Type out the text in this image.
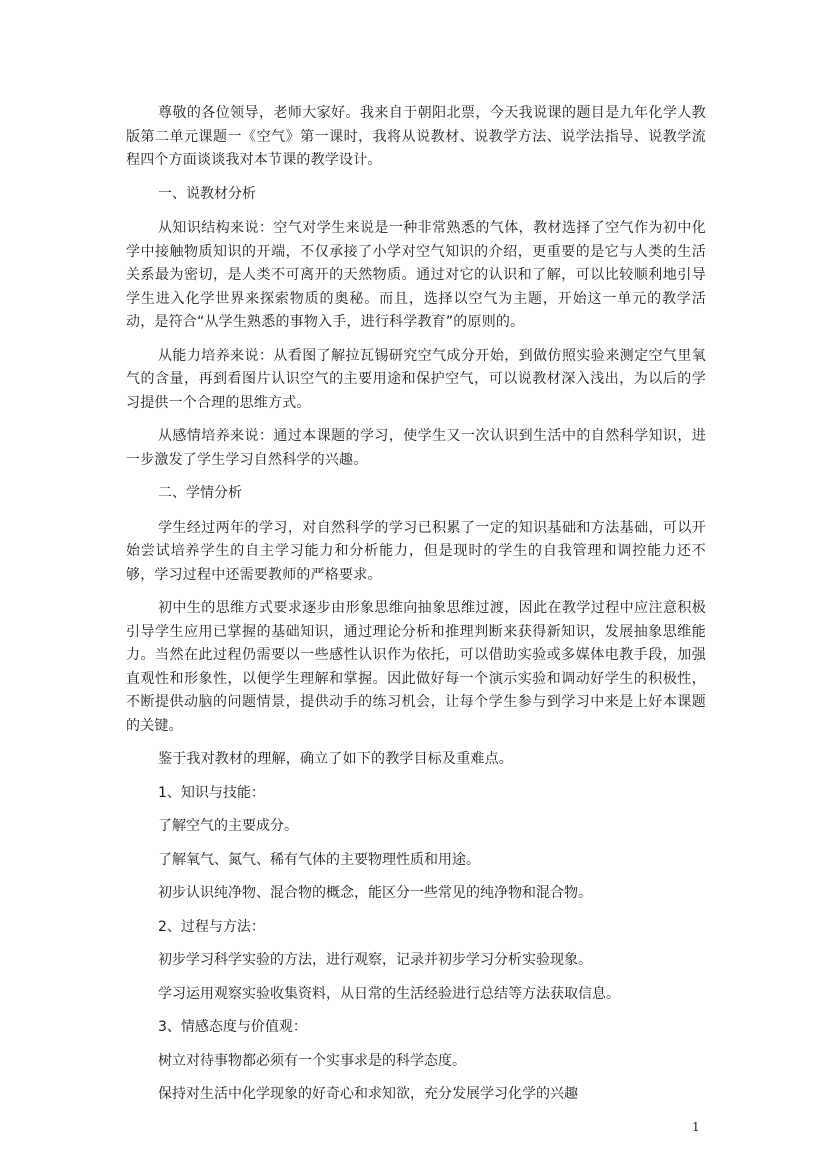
尊敬的各位领导，老师大家好。我来自于朝阳北票，今天我说课的题目是九年化学人教版第二单元课题一《空气》第一课时，我将从说教材、说教学方法、说学法指导、说教学流程四个方面谈谈我对本节课的教学设计。

一、说教材分析

从知识结构来说：空气对学生来说是一种非常熟悉的气体，教材选择了空气作为初中化学中接触物质知识的开端，不仅承接了小学对空气知识的介绍，更重要的是它与人类的生活关系最为密切，是人类不可离开的天然物质。通过对它的认识和了解，可以比较顺利地引导学生进入化学世界来探索物质的奥秘。而且，选择以空气为主题，开始这一单元的教学活动，是符合“从学生熟悉的事物入手，进行科学教育”的原则的。

从能力培养来说：从看图了解拉瓦锡研究空气成分开始，到做仿照实验来测定空气里氧气的含量，再到看图片认识空气的主要用途和保护空气，可以说教材深入浅出，为以后的学习提供一个合理的思维方式。

从感情培养来说：通过本课题的学习，使学生又一次认识到生活中的自然科学知识，进一步激发了学生学习自然科学的兴趣。

二、学情分析

学生经过两年的学习，对自然科学的学习已积累了一定的知识基础和方法基础，可以开始尝试培养学生的自主学习能力和分析能力，但是现时的学生的自我管理和调控能力还不够，学习过程中还需要教师的严格要求。

初中生的思维方式要求逐步由形象思维向抽象思维过渡，因此在教学过程中应注意积极引导学生应用已掌握的基础知识，通过理论分析和推理判断来获得新知识，发展抽象思维能力。当然在此过程仍需要以一些感性认识作为依托，可以借助实验或多媒体电教手段，加强直观性和形象性，以便学生理解和掌握。因此做好每一个演示实验和调动好学生的积极性，不断提供动脑的问题情景，提供动手的练习机会，让每个学生参与到学习中来是上好本课题的关键。

鉴于我对教材的理解，确立了如下的教学目标及重难点。

1、知识与技能：

了解空气的主要成分。

了解氧气、氮气、稀有气体的主要物理性质和用途。

初步认识纯净物、混合物的概念，能区分一些常见的纯净物和混合物。

2、过程与方法：

初步学习科学实验的方法，进行观察，记录并初步学习分析实验现象。

学习运用观察实验收集资料，从日常的生活经验进行总结等方法获取信息。

3、情感态度与价值观：

树立对待事物都必须有一个实事求是的科学态度。

保持对生活中化学现象的好奇心和求知欲，充分发展学习化学的兴趣

1
